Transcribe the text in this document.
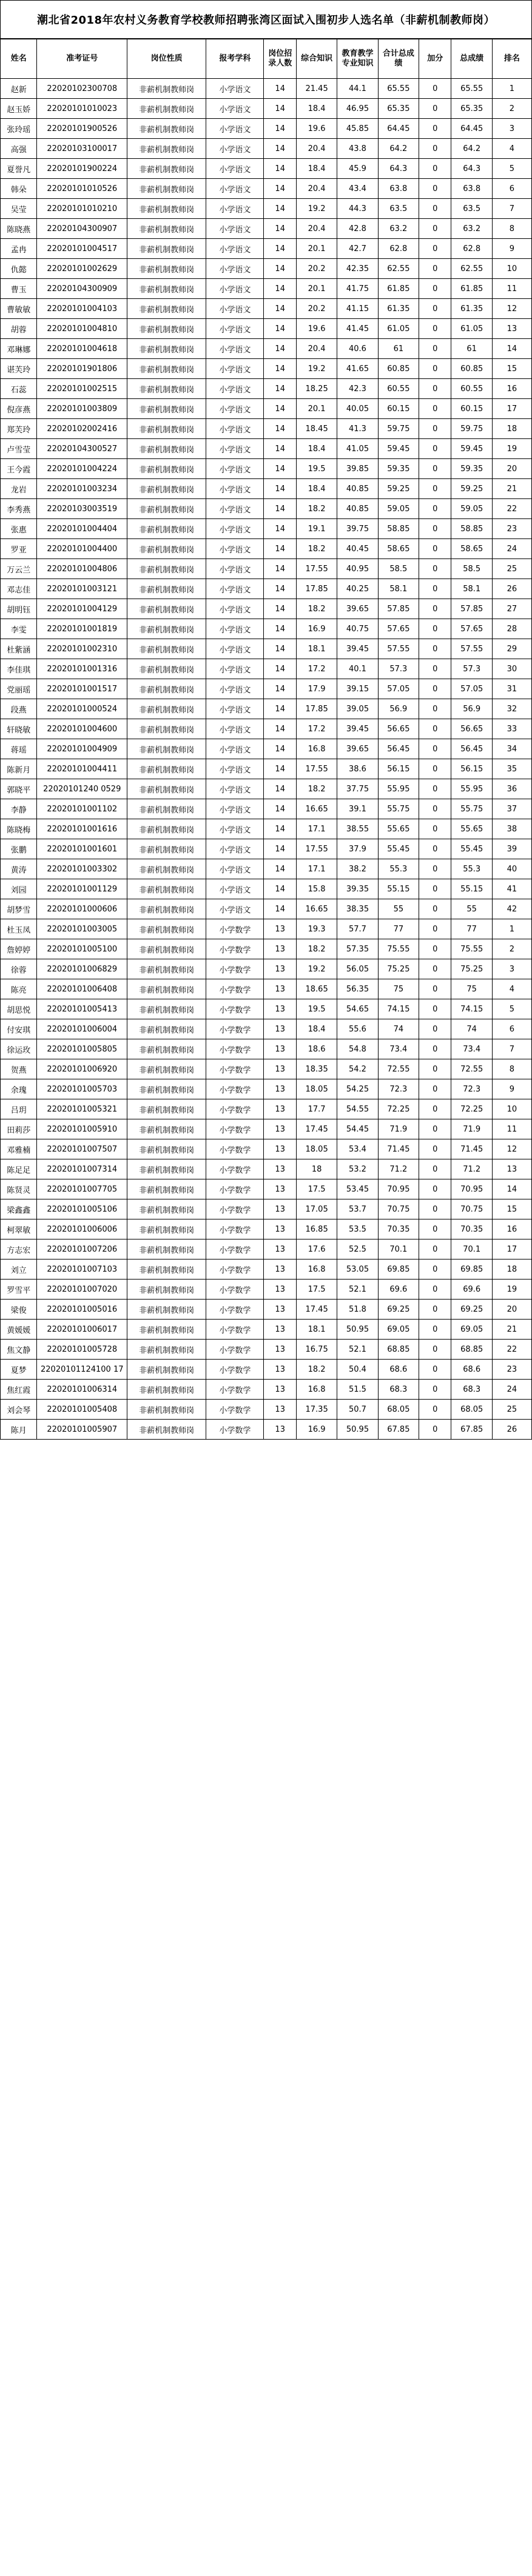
潮北省2018年农村义务教育学校教师招聘张湾区面试入围初步人选名单（非薪机制教师岗）
姓名	准考证号	岗位性质	报考学科	岗位招录人数	综合知识	教育教学专业知识	合计总成绩	加分	总成绩	排名
赵新	22020102300708	非薪机制教师岗	小学语文	14	21.45	44.1	65.55	0	65.55	1
赵玉娇	22020101010023	非薪机制教师岗	小学语文	14	18.4	46.95	65.35	0	65.35	2
张玲瑶	22020101900526	非薪机制教师岗	小学语文	14	19.6	45.85	64.45	0	64.45	3
高强	22020103100017	非薪机制教师岗	小学语文	14	20.4	43.8	64.2	0	64.2	4
夏誉凡	22020101900224	非薪机制教师岗	小学语文	14	18.4	45.9	64.3	0	64.3	5
韩朵	22020101010526	非薪机制教师岗	小学语文	14	20.4	43.4	63.8	0	63.8	6
吴莹	22020101010210	非薪机制教师岗	小学语文	14	19.2	44.3	63.5	0	63.5	7
陈晓燕	22020104300907	非薪机制教师岗	小学语文	14	20.4	42.8	63.2	0	63.2	8
孟冉	22020101004517	非薪机制教师岗	小学语文	14	20.1	42.7	62.8	0	62.8	9
仇懿	22020101002629	非薪机制教师岗	小学语文	14	20.2	42.35	62.55	0	62.55	10
曹玉	22020104300909	非薪机制教师岗	小学语文	14	20.1	41.75	61.85	0	61.85	11
曹敏敏	22020101004103	非薪机制教师岗	小学语文	14	20.2	41.15	61.35	0	61.35	12
胡蓉	22020101004810	非薪机制教师岗	小学语文	14	19.6	41.45	61.05	0	61.05	13
邓琳娜	22020101004618	非薪机制教师岗	小学语文	14	20.4	40.6	61	0	61	14
谌芙玲	22020101901806	非薪机制教师岗	小学语文	14	19.2	41.65	60.85	0	60.85	15
石蕊	22020101002515	非薪机制教师岗	小学语文	14	18.25	42.3	60.55	0	60.55	16
倪彦燕	22020101003809	非薪机制教师岗	小学语文	14	20.1	40.05	60.15	0	60.15	17
郑芙玲	22020102002416	非薪机制教师岗	小学语文	14	18.45	41.3	59.75	0	59.75	18
卢雪莹	22020104300527	非薪机制教师岗	小学语文	14	18.4	41.05	59.45	0	59.45	19
王今霞	22020101004224	非薪机制教师岗	小学语文	14	19.5	39.85	59.35	0	59.35	20
龙岩	22020101003234	非薪机制教师岗	小学语文	14	18.4	40.85	59.25	0	59.25	21
李秀燕	22020103003519	非薪机制教师岗	小学语文	14	18.2	40.85	59.05	0	59.05	22
张惠	22020101004404	非薪机制教师岗	小学语文	14	19.1	39.75	58.85	0	58.85	23
罗亚	22020101004400	非薪机制教师岗	小学语文	14	18.2	40.45	58.65	0	58.65	24
万云兰	22020101004806	非薪机制教师岗	小学语文	14	17.55	40.95	58.5	0	58.5	25
邓志佳	22020101003121	非薪机制教师岗	小学语文	14	17.85	40.25	58.1	0	58.1	26
胡明钰	22020101004129	非薪机制教师岗	小学语文	14	18.2	39.65	57.85	0	57.85	27
李雯	22020101001819	非薪机制教师岗	小学语文	14	16.9	40.75	57.65	0	57.65	28
杜紫涵	22020101002310	非薪机制教师岗	小学语文	14	18.1	39.45	57.55	0	57.55	29
李佳琪	22020101001316	非薪机制教师岗	小学语文	14	17.2	40.1	57.3	0	57.3	30
党丽瑶	22020101001517	非薪机制教师岗	小学语文	14	17.9	39.15	57.05	0	57.05	31
段燕	22020101000524	非薪机制教师岗	小学语文	14	17.85	39.05	56.9	0	56.9	32
轩晓敏	22020101004600	非薪机制教师岗	小学语文	14	17.2	39.45	56.65	0	56.65	33
蒋瑶	22020101004909	非薪机制教师岗	小学语文	14	16.8	39.65	56.45	0	56.45	34
陈新月	22020101004411	非薪机制教师岗	小学语文	14	17.55	38.6	56.15	0	56.15	35
郭晓平	22020101240 0529	非薪机制教师岗	小学语文	14	18.2	37.75	55.95	0	55.95	36
李静	22020101001102	非薪机制教师岗	小学语文	14	16.65	39.1	55.75	0	55.75	37
陈晓梅	22020101001616	非薪机制教师岗	小学语文	14	17.1	38.55	55.65	0	55.65	38
张鹏	22020101001601	非薪机制教师岗	小学语文	14	17.55	37.9	55.45	0	55.45	39
黄涛	22020101003302	非薪机制教师岗	小学语文	14	17.1	38.2	55.3	0	55.3	40
刘园	22020101001129	非薪机制教师岗	小学语文	14	15.8	39.35	55.15	0	55.15	41
胡梦雪	22020101000606	非薪机制教师岗	小学语文	14	16.65	38.35	55	0	55	42
杜玉凤	22020101003005	非薪机制教师岗	小学数学	13	19.3	57.7	77	0	77	1
詹婷婷	22020101005100	非薪机制教师岗	小学数学	13	18.2	57.35	75.55	0	75.55	2
徐蓉	22020101006829	非薪机制教师岗	小学数学	13	19.2	56.05	75.25	0	75.25	3
陈亮	22020101006408	非薪机制教师岗	小学数学	13	18.65	56.35	75	0	75	4
胡思悦	22020101005413	非薪机制教师岗	小学数学	13	19.5	54.65	74.15	0	74.15	5
付安琪	22020101006004	非薪机制教师岗	小学数学	13	18.4	55.6	74	0	74	6
徐运玫	22020101005805	非薪机制教师岗	小学数学	13	18.6	54.8	73.4	0	73.4	7
贺燕	22020101006920	非薪机制教师岗	小学数学	13	18.35	54.2	72.55	0	72.55	8
余瑰	22020101005703	非薪机制教师岗	小学数学	13	18.05	54.25	72.3	0	72.3	9
吕玥	22020101005321	非薪机制教师岗	小学数学	13	17.7	54.55	72.25	0	72.25	10
田莉莎	22020101005910	非薪机制教师岗	小学数学	13	17.45	54.45	71.9	0	71.9	11
邓雅楠	22020101007507	非薪机制教师岗	小学数学	13	18.05	53.4	71.45	0	71.45	12
陈足足	22020101007314	非薪机制教师岗	小学数学	13	18	53.2	71.2	0	71.2	13
陈贤灵	22020101007705	非薪机制教师岗	小学数学	13	17.5	53.45	70.95	0	70.95	14
梁鑫鑫	22020101005106	非薪机制教师岗	小学数学	13	17.05	53.7	70.75	0	70.75	15
柯翠敏	22020101006006	非薪机制教师岗	小学数学	13	16.85	53.5	70.35	0	70.35	16
方志宏	22020101007206	非薪机制教师岗	小学数学	13	17.6	52.5	70.1	0	70.1	17
刘立	22020101007103	非薪机制教师岗	小学数学	13	16.8	53.05	69.85	0	69.85	18
罗雪平	22020101007020	非薪机制教师岗	小学数学	13	17.5	52.1	69.6	0	69.6	19
梁俊	22020101005016	非薪机制教师岗	小学数学	13	17.45	51.8	69.25	0	69.25	20
黄媛媛	22020101006017	非薪机制教师岗	小学数学	13	18.1	50.95	69.05	0	69.05	21
焦文静	22020101005728	非薪机制教师岗	小学数学	13	16.75	52.1	68.85	0	68.85	22
夏梦	22020101124100 17	非薪机制教师岗	小学数学	13	18.2	50.4	68.6	0	68.6	23
焦红霞	22020101006314	非薪机制教师岗	小学数学	13	16.8	51.5	68.3	0	68.3	24
刘会琴	22020101005408	非薪机制教师岗	小学数学	13	17.35	50.7	68.05	0	68.05	25
陈月	22020101005907	非薪机制教师岗	小学数学	13	16.9	50.95	67.85	0	67.85	26
